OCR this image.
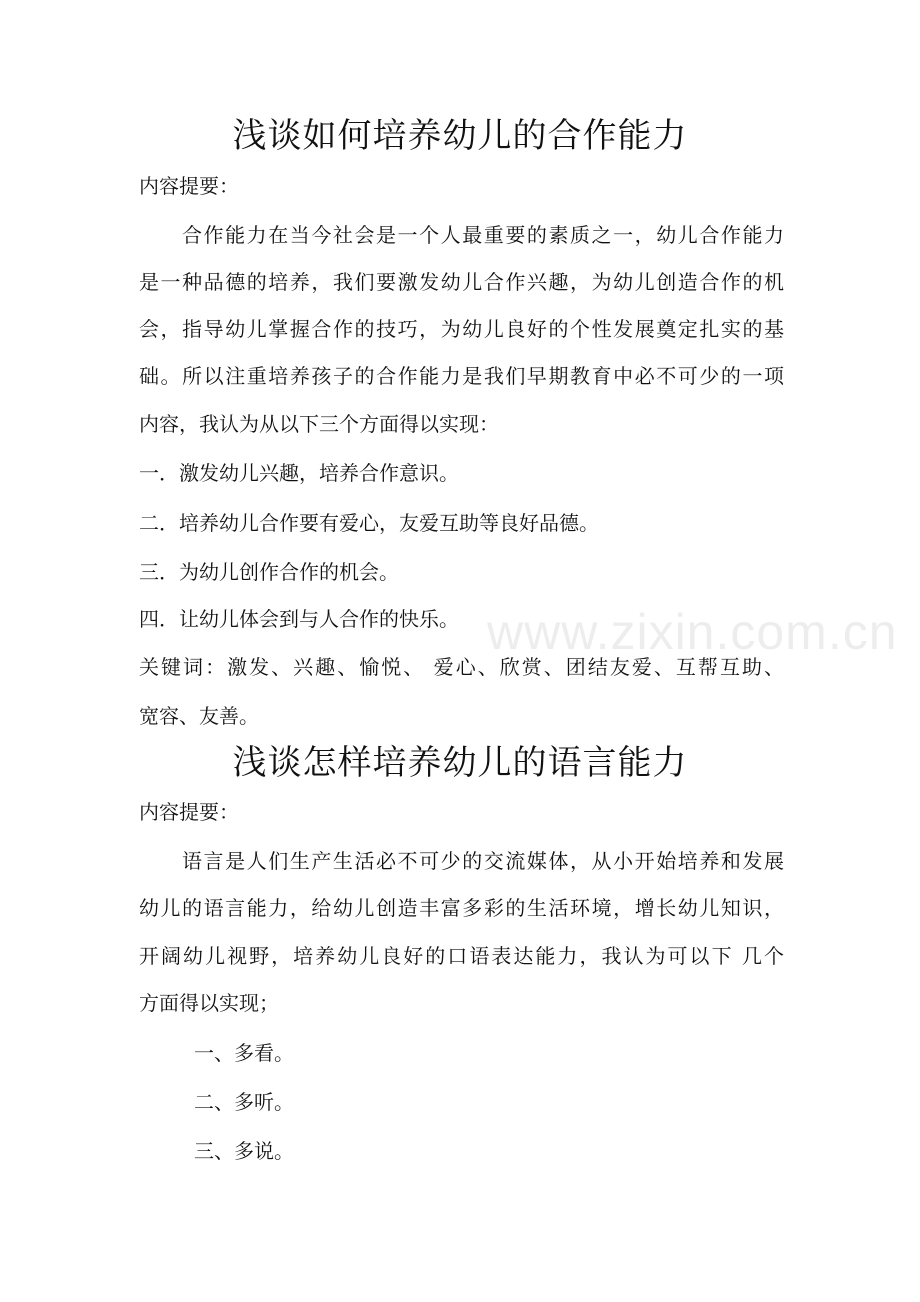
浅谈如何培养幼儿的合作能力

内容提要：

合作能力在当今社会是一个人最重要的素质之一，幼儿合作能力

是一种品德的培养，我们要激发幼儿合作兴趣，为幼儿创造合作的机

会，指导幼儿掌握合作的技巧，为幼儿良好的个性发展奠定扎实的基

础。所以注重培养孩子的合作能力是我们早期教育中必不可少的一项

内容，我认为从以下三个方面得以实现：

一．激发幼儿兴趣，培养合作意识。

二．培养幼儿合作要有爱心，友爱互助等良好品德。

三．为幼儿创作合作的机会。

四．让幼儿体会到与人合作的快乐。

关键词：激发、兴趣、愉悦、 爱心、欣赏、团结友爱、互帮互助、

宽容、友善。

浅谈怎样培养幼儿的语言能力

内容提要：

语言是人们生产生活必不可少的交流媒体，从小开始培养和发展

幼儿的语言能力，给幼儿创造丰富多彩的生活环境，增长幼儿知识，

开阔幼儿视野，培养幼儿良好的口语表达能力，我认为可以下 几个

方面得以实现；

一、多看。

二、多听。

三、多说。

www.zixin.com.cn
